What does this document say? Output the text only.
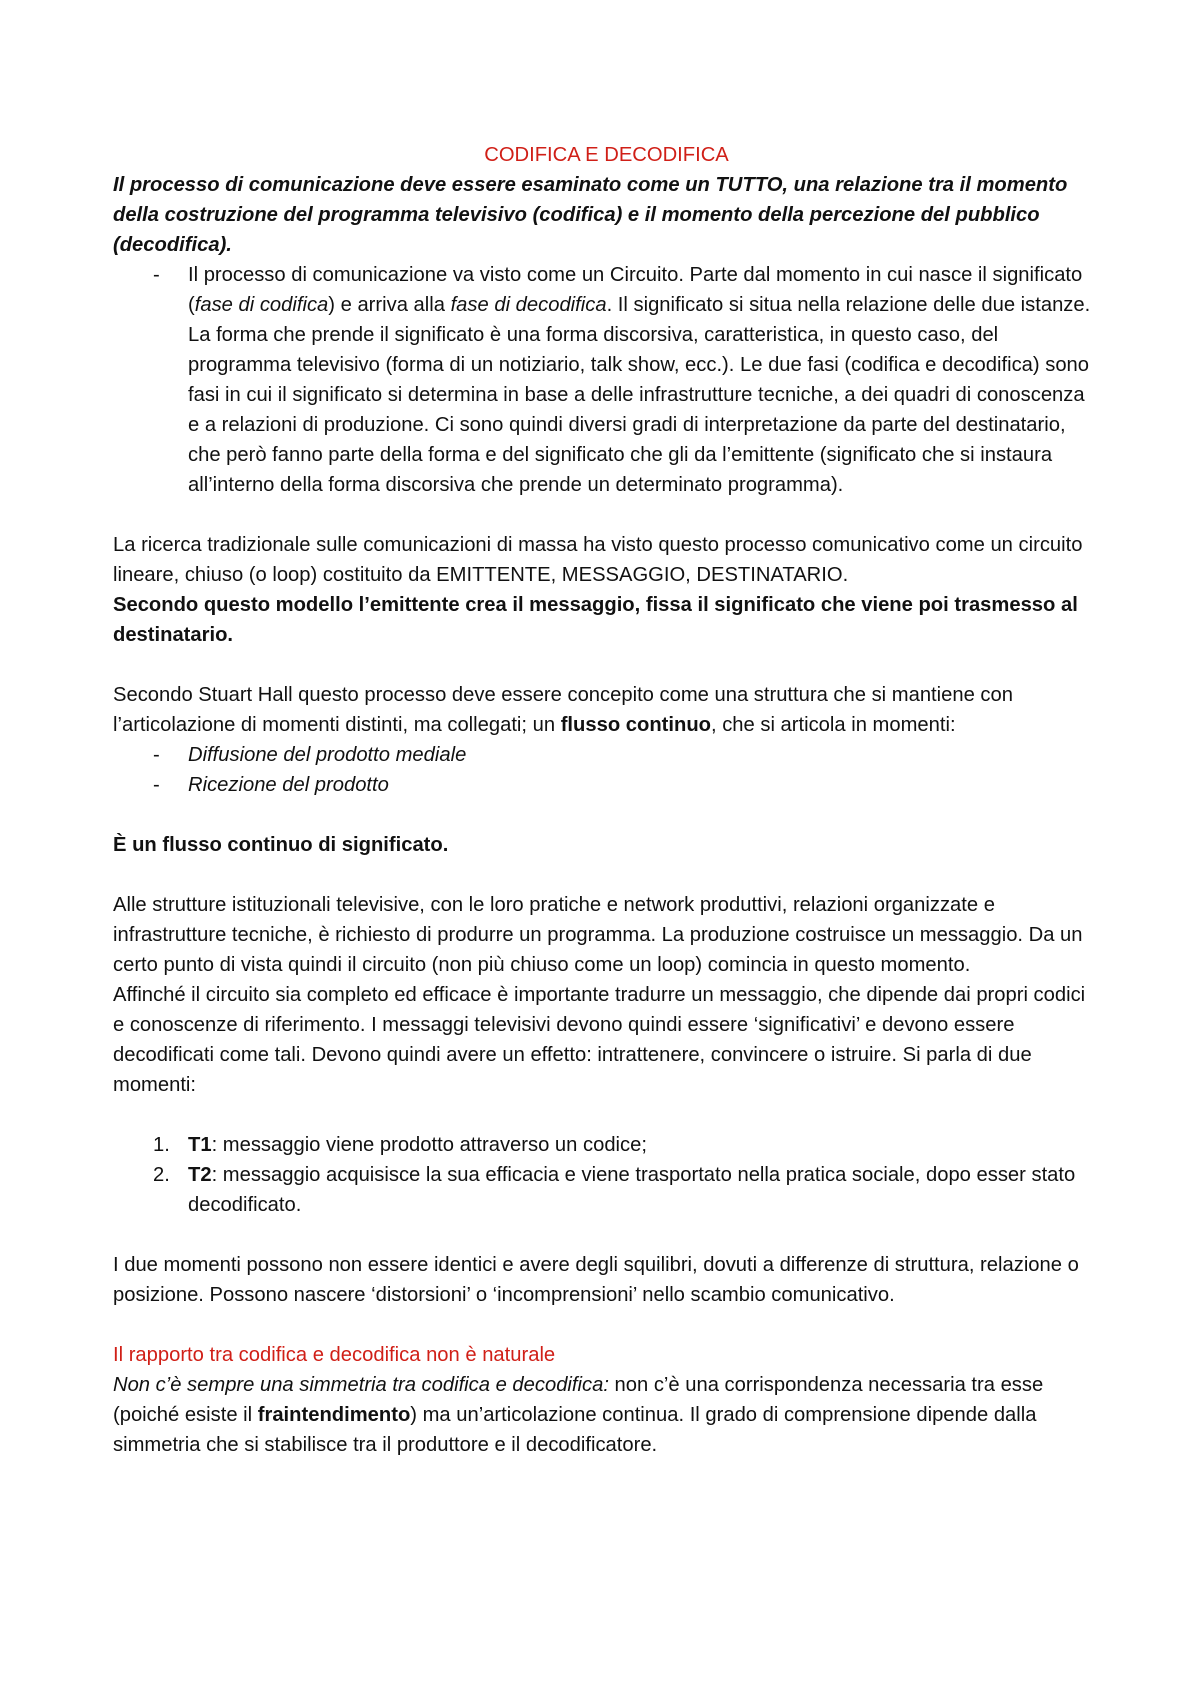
CODIFICA E DECODIFICA

Il processo di comunicazione deve essere esaminato come un TUTTO, una relazione tra il momento della costruzione del programma televisivo (codifica) e il momento della percezione del pubblico (decodifica).

- Il processo di comunicazione va visto come un Circuito. Parte dal momento in cui nasce il significato (fase di codifica) e arriva alla fase di decodifica. Il significato si situa nella relazione delle due istanze. La forma che prende il significato è una forma discorsiva, caratteristica, in questo caso, del programma televisivo (forma di un notiziario, talk show, ecc.). Le due fasi (codifica e decodifica) sono fasi in cui il significato si determina in base a delle infrastrutture tecniche, a dei quadri di conoscenza e a relazioni di produzione. Ci sono quindi diversi gradi di interpretazione da parte del destinatario, che però fanno parte della forma e del significato che gli da l’emittente (significato che si instaura all’interno della forma discorsiva che prende un determinato programma).

La ricerca tradizionale sulle comunicazioni di massa ha visto questo processo comunicativo come un circuito lineare, chiuso (o loop) costituito da EMITTENTE, MESSAGGIO, DESTINATARIO.
Secondo questo modello l’emittente crea il messaggio, fissa il significato che viene poi trasmesso al destinatario.

Secondo Stuart Hall questo processo deve essere concepito come una struttura che si mantiene con l’articolazione di momenti distinti, ma collegati; un flusso continuo, che si articola in momenti:

- Diffusione del prodotto mediale
- Ricezione del prodotto

È un flusso continuo di significato.

Alle strutture istituzionali televisive, con le loro pratiche e network produttivi, relazioni organizzate e infrastrutture tecniche, è richiesto di produrre un programma. La produzione costruisce un messaggio. Da un certo punto di vista quindi il circuito (non più chiuso come un loop) comincia in questo momento.

Affinché il circuito sia completo ed efficace è importante tradurre un messaggio, che dipende dai propri codici e conoscenze di riferimento. I messaggi televisivi devono quindi essere ‘significativi’ e devono essere decodificati come tali. Devono quindi avere un effetto: intrattenere, convincere o istruire. Si parla di due momenti:

1. T1: messaggio viene prodotto attraverso un codice;
2. T2: messaggio acquisisce la sua efficacia e viene trasportato nella pratica sociale, dopo esser stato decodificato.

I due momenti possono non essere identici e avere degli squilibri, dovuti a differenze di struttura, relazione o posizione. Possono nascere ‘distorsioni’ o ‘incomprensioni’ nello scambio comunicativo.

Il rapporto tra codifica e decodifica non è naturale

Non c’è sempre una simmetria tra codifica e decodifica: non c’è una corrispondenza necessaria tra esse (poiché esiste il fraintendimento) ma un’articolazione continua. Il grado di comprensione dipende dalla simmetria che si stabilisce tra il produttore e il decodificatore.
